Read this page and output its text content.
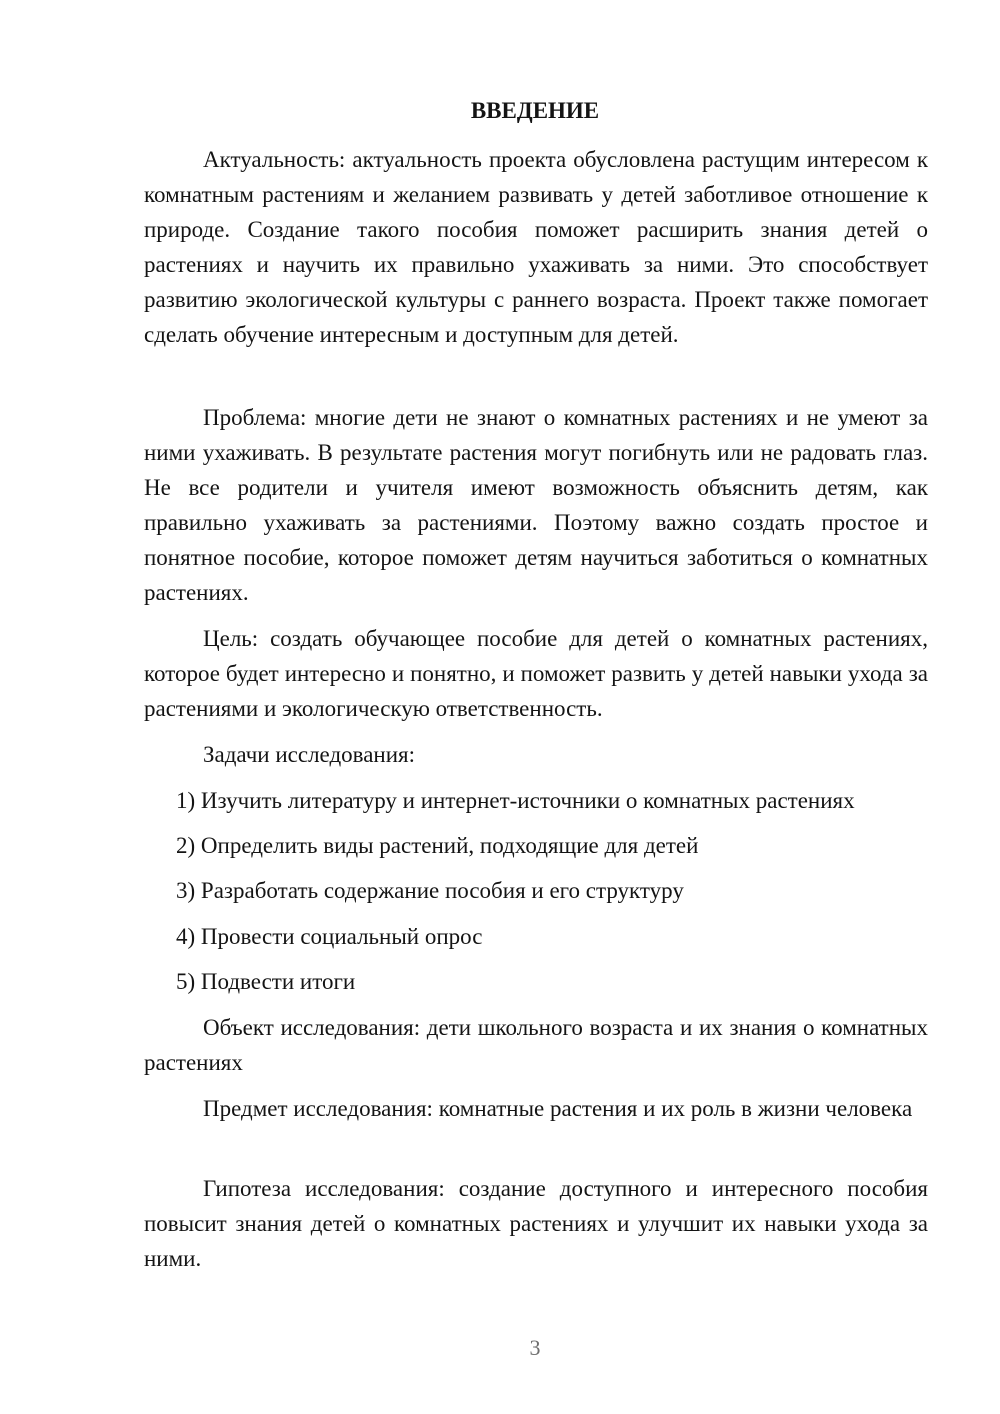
ВВЕДЕНИЕ

Актуальность: актуальность проекта обусловлена растущим интересом к комнатным растениям и желанием развивать у детей заботливое отношение к природе. Создание такого пособия поможет расширить знания детей о растениях и научить их правильно ухаживать за ними. Это способствует развитию экологической культуры с раннего возраста. Проект также помогает сделать обучение интересным и доступным для детей.

Проблема: многие дети не знают о комнатных растениях и не умеют за ними ухаживать. В результате растения могут погибнуть или не радовать глаз. Не все родители и учителя имеют возможность объяснить детям, как правильно ухаживать за растениями. Поэтому важно создать простое и понятное пособие, которое поможет детям научиться заботиться о комнатных растениях.

Цель: создать обучающее пособие для детей о комнатных растениях, которое будет интересно и понятно, и поможет развить у детей навыки ухода за растениями и экологическую ответственность.

Задачи исследования:

1) Изучить литературу и интернет-источники о комнатных растениях

2) Определить виды растений, подходящие для детей

3) Разработать содержание пособия и его структуру

4) Провести социальный опрос

5) Подвести итоги

Объект исследования: дети школьного возраста и их знания о комнатных растениях

Предмет исследования: комнатные растения и их роль в жизни человека

Гипотеза исследования: создание доступного и интересного пособия повысит знания детей о комнатных растениях и улучшит их навыки ухода за ними.

3
